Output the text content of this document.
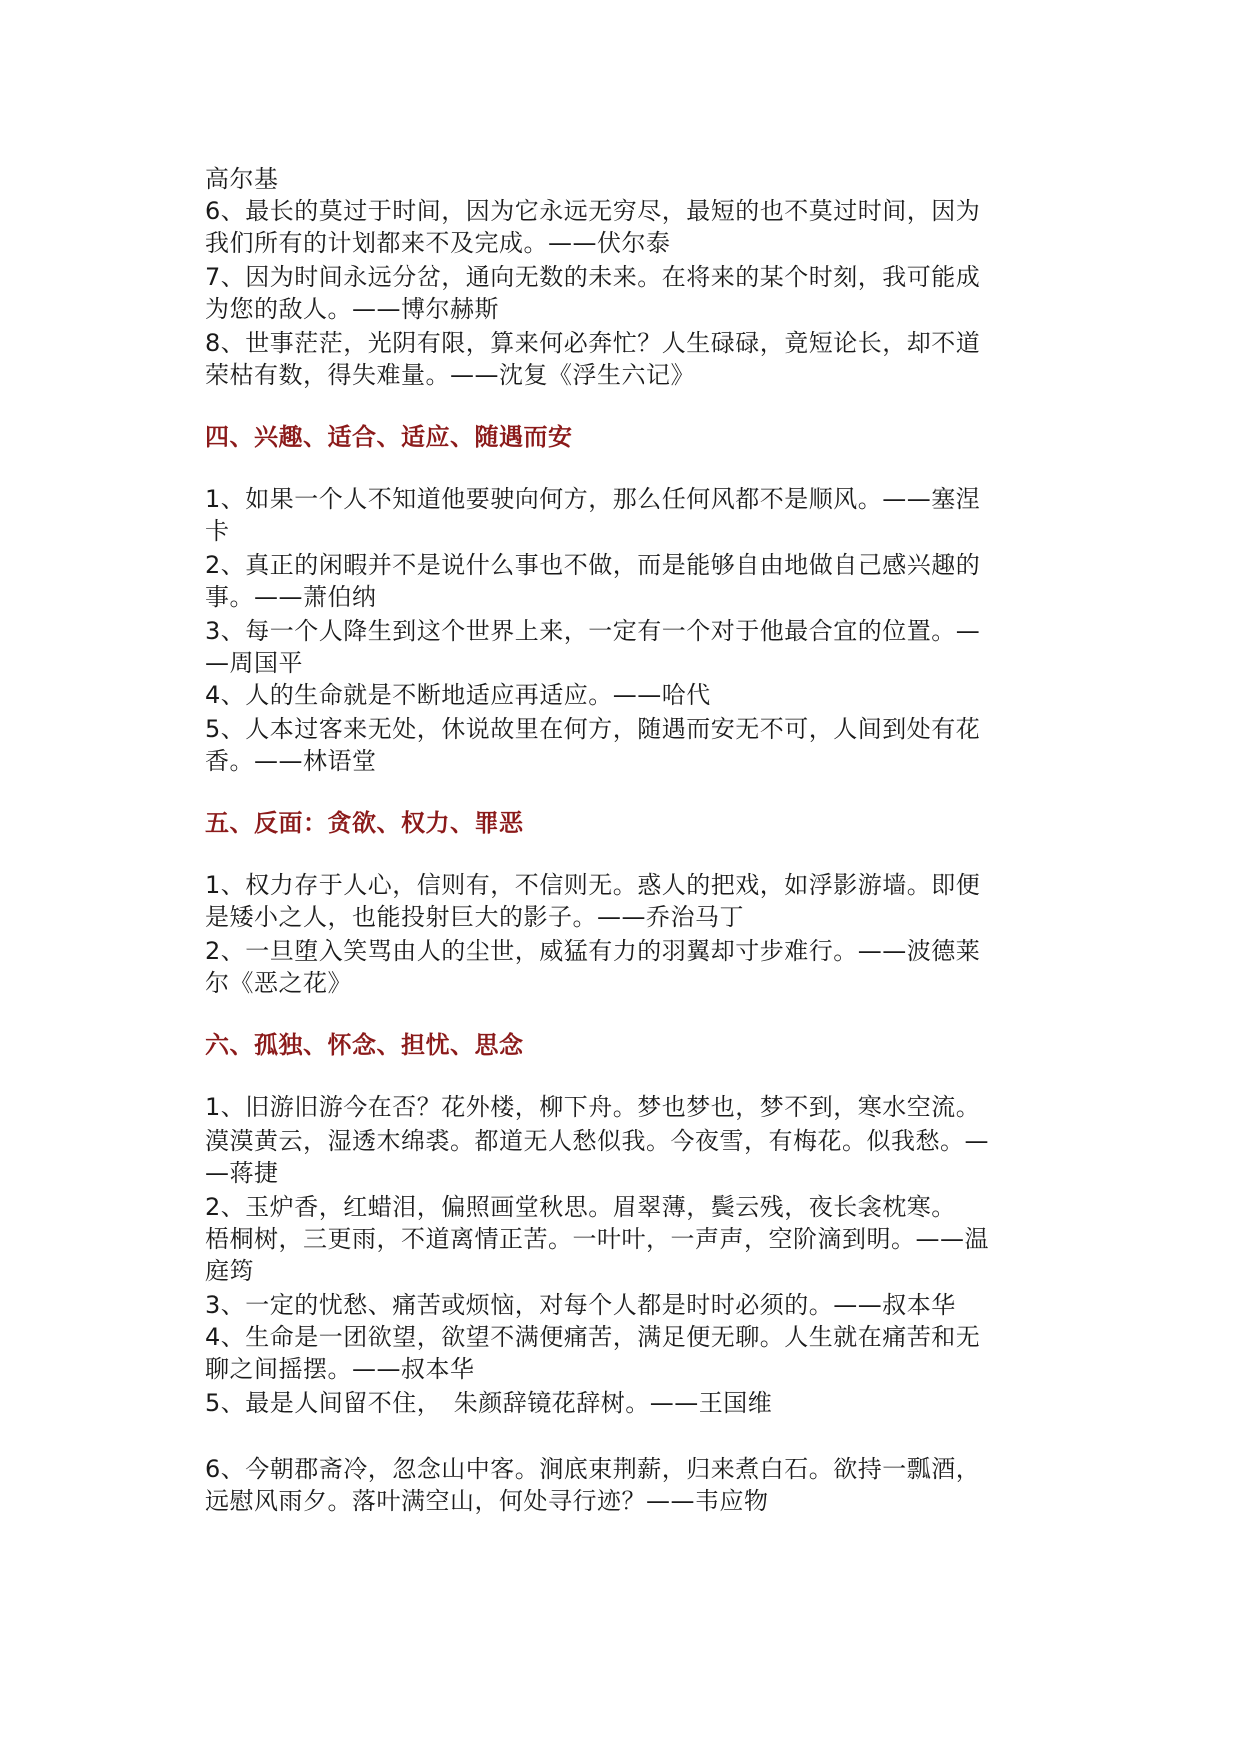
高尔基
6、最长的莫过于时间，因为它永远无穷尽，最短的也不莫过时间，因为
我们所有的计划都来不及完成。——伏尔泰
7、因为时间永远分岔，通向无数的未来。在将来的某个时刻，我可能成
为您的敌人。——博尔赫斯
8、世事茫茫，光阴有限，算来何必奔忙？人生碌碌，竟短论长，却不道
荣枯有数，得失难量。——沈复《浮生六记》
四、兴趣、适合、适应、随遇而安
1、如果一个人不知道他要驶向何方，那么任何风都不是顺风。——塞涅
卡
2、真正的闲暇并不是说什么事也不做，而是能够自由地做自己感兴趣的
事。——萧伯纳
3、每一个人降生到这个世界上来，一定有一个对于他最合宜的位置。—
—周国平
4、人的生命就是不断地适应再适应。——哈代
5、人本过客来无处，休说故里在何方，随遇而安无不可，人间到处有花
香。——林语堂
五、反面：贪欲、权力、罪恶
1、权力存于人心，信则有，不信则无。惑人的把戏，如浮影游墙。即便
是矮小之人，也能投射巨大的影子。——乔治马丁
2、一旦堕入笑骂由人的尘世，威猛有力的羽翼却寸步难行。——波德莱
尔《恶之花》
六、孤独、怀念、担忧、思念
1、旧游旧游今在否？花外楼，柳下舟。梦也梦也，梦不到，寒水空流。
漠漠黄云，湿透木绵裘。都道无人愁似我。今夜雪，有梅花。似我愁。—
—蒋捷
2、玉炉香，红蜡泪，偏照画堂秋思。眉翠薄，鬓云残，夜长衾枕寒。
梧桐树，三更雨，不道离情正苦。一叶叶，一声声，空阶滴到明。——温
庭筠
3、一定的忧愁、痛苦或烦恼，对每个人都是时时必须的。——叔本华
4、生命是一团欲望，欲望不满便痛苦，满足便无聊。人生就在痛苦和无
聊之间摇摆。——叔本华
5、最是人间留不住，　朱颜辞镜花辞树。——王国维
6、今朝郡斋冷，忽念山中客。涧底束荆薪，归来煮白石。欲持一瓢酒，
远慰风雨夕。落叶满空山，何处寻行迹？——韦应物
